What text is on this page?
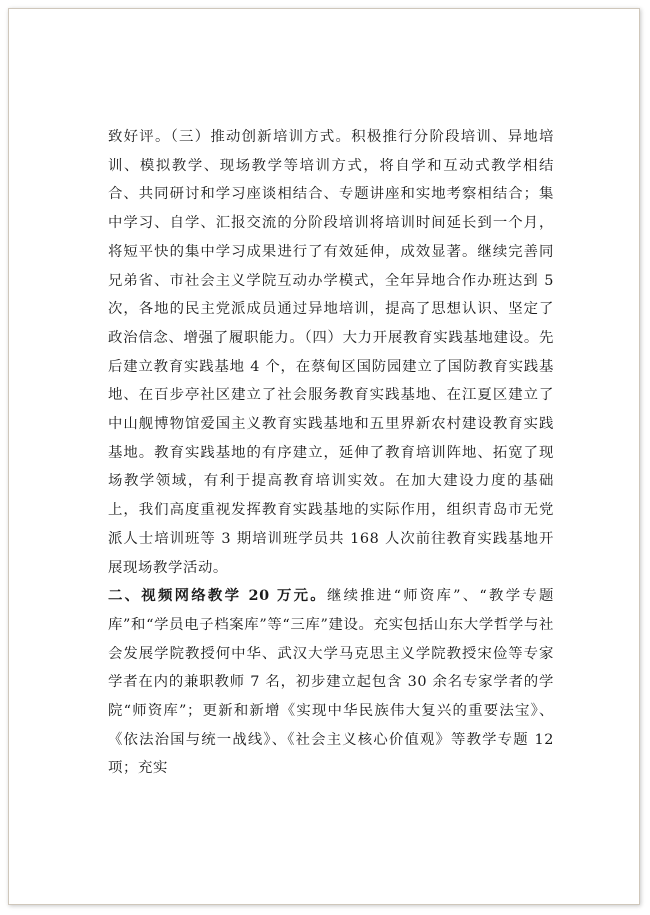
致好评。（三）推动创新培训方式。积极推行分阶段培训、异地培训、模拟教学、现场教学等培训方式，将自学和互动式教学相结合、共同研讨和学习座谈相结合、专题讲座和实地考察相结合；集中学习、自学、汇报交流的分阶段培训将培训时间延长到一个月，将短平快的集中学习成果进行了有效延伸，成效显著。继续完善同兄弟省、市社会主义学院互动办学模式，全年异地合作办班达到 5 次，各地的民主党派成员通过异地培训，提高了思想认识、坚定了政治信念、增强了履职能力。（四）大力开展教育实践基地建设。先后建立教育实践基地 4 个，在蔡甸区国防园建立了国防教育实践基地、在百步亭社区建立了社会服务教育实践基地、在江夏区建立了中山舰博物馆爱国主义教育实践基地和五里界新农村建设教育实践基地。教育实践基地的有序建立，延伸了教育培训阵地、拓宽了现场教学领域，有利于提高教育培训实效。在加大建设力度的基础上，我们高度重视发挥教育实践基地的实际作用，组织青岛市无党派人士培训班等 3 期培训班学员共 168 人次前往教育实践基地开展现场教学活动。

二、视频网络教学 20 万元。继续推进“师资库”、“教学专题库”和“学员电子档案库”等“三库”建设。充实包括山东大学哲学与社会发展学院教授何中华、武汉大学马克思主义学院教授宋俭等专家学者在内的兼职教师 7 名，初步建立起包含 30 余名专家学者的学院“师资库”；更新和新增《实现中华民族伟大复兴的重要法宝》、《依法治国与统一战线》、《社会主义核心价值观》等教学专题 12 项；充实
